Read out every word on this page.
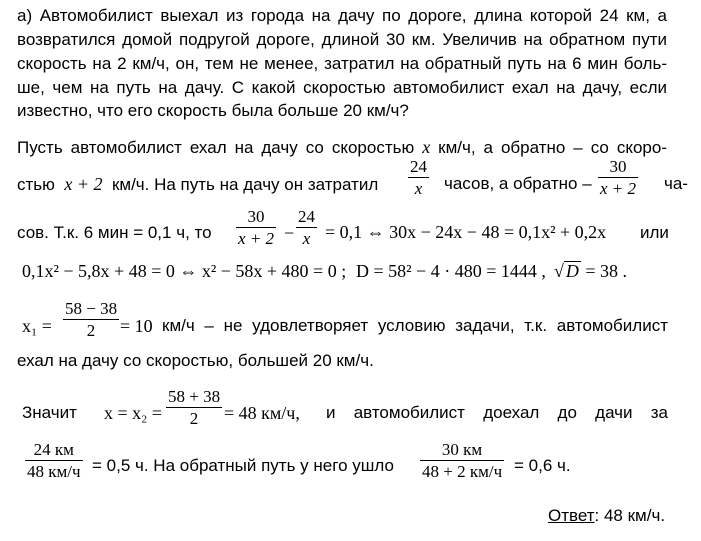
а) Автомобилист выехал из города на дачу по дороге, длина которой 24 км, а
возвратился домой подругой дороге, длиной 30 км. Увеличив на обратном пути
скорость на 2 км/ч, он, тем не менее, затратил на обратный путь на 6 мин боль-
ше, чем на путь на дачу. С какой скоростью автомобилист ехал на дачу, если
известно, что его скорость была больше 20 км/ч?
Пусть автомобилист ехал на дачу со скоростью x км/ч, а обратно – со скоро-
стью x + 2 км/ч. На путь на дачу он затратил $\frac{24}{x}$ часов, а обратно – $\frac{30}{x + 2} ча-$
сов. Т.к. 6 мин = 0,1 ч, то $\frac{30}{x + 2} - \frac{24}{x} = 0,1$ ⇔ 30x − 24x − 48 = 0,1x² + 0,2x или
0,1x² − 5,8x + 48 = 0 ⇔ x² − 58x + 480 = 0 ; D = 58² − 4 · 480 = 1444 , √ D = 38 .
$x_1 = \frac{58 - 38}{2} = 10$ км/ч – не удовлетворяет условию задачи, т.к. автомобилист
ехал на дачу со скоростью, большей 20 км/ч.
Значит $x = x_2 = \frac{58 + 38}{2} = 48$ км/ч, и автомобилист доехал до дачи за
24 км
48 км/ч = 0,5 ч. На обратный путь у него ушло
30 км
48 + 2 км/ч = 0,6 ч.
Ответ: 48 км/ч.
